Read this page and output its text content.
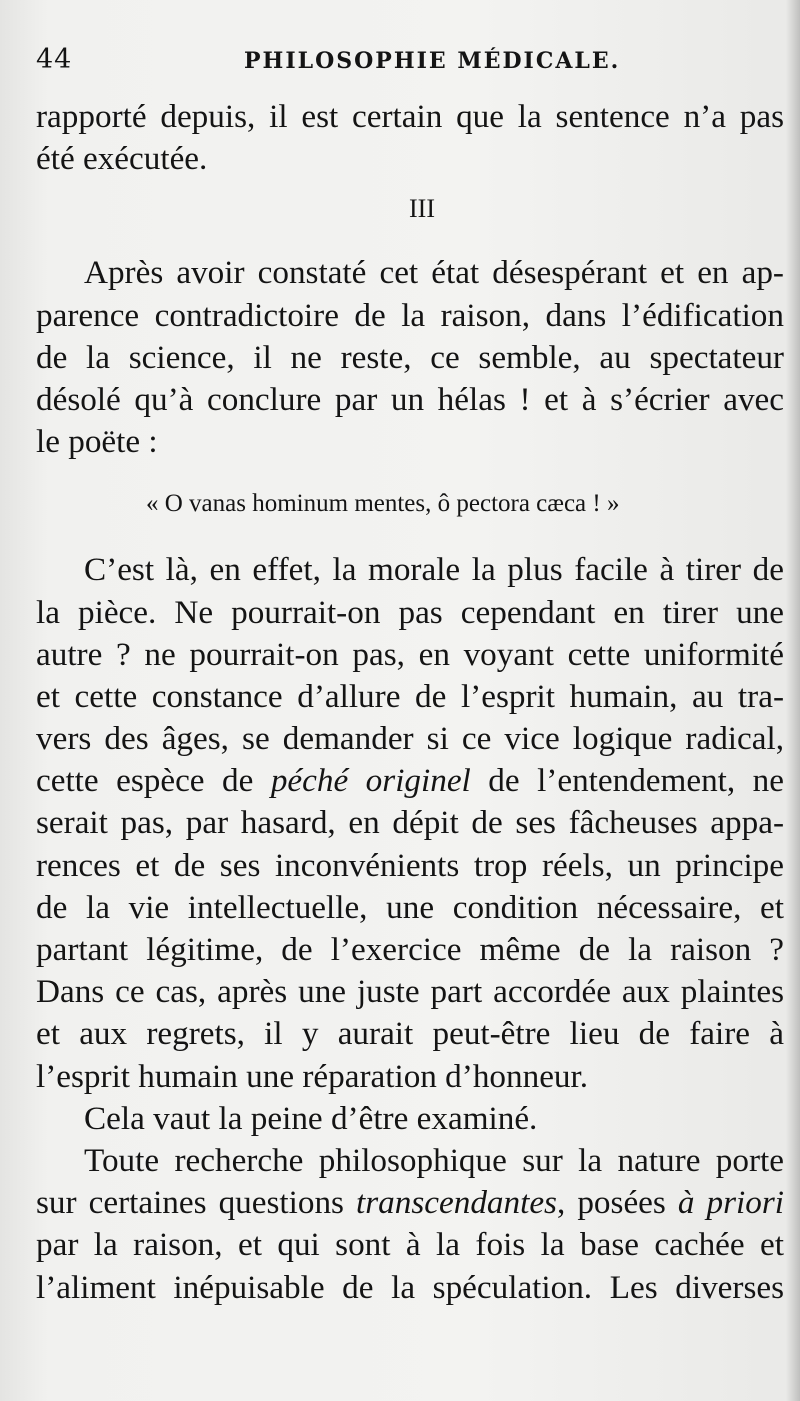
44	PHILOSOPHIE MÉDICALE.
rapporté depuis, il est certain que la sentence n’a pas
été exécutée.
III
Après avoir constaté cet état désespérant et en ap-
parence contradictoire de la raison, dans l’édification
de la science, il ne reste, ce semble, au spectateur
désolé qu’à conclure par un hélas ! et à s’écrier avec
le poëte :
« O vanas hominum mentes, ô pectora cæca ! »
C’est là, en effet, la morale la plus facile à tirer de
la pièce. Ne pourrait-on pas cependant en tirer une
autre ? ne pourrait-on pas, en voyant cette uniformité
et cette constance d’allure de l’esprit humain, au tra-
vers des âges, se demander si ce vice logique radical,
cette espèce de péché originel de l’entendement, ne
serait pas, par hasard, en dépit de ses fâcheuses appa-
rences et de ses inconvénients trop réels, un principe
de la vie intellectuelle, une condition nécessaire, et
partant légitime, de l’exercice même de la raison ?
Dans ce cas, après une juste part accordée aux plaintes
et aux regrets, il y aurait peut-être lieu de faire à
l’esprit humain une réparation d’honneur.
Cela vaut la peine d’être examiné.
Toute recherche philosophique sur la nature porte
sur certaines questions transcendantes, posées à priori
par la raison, et qui sont à la fois la base cachée et
l’aliment inépuisable de la spéculation. Les diverses
